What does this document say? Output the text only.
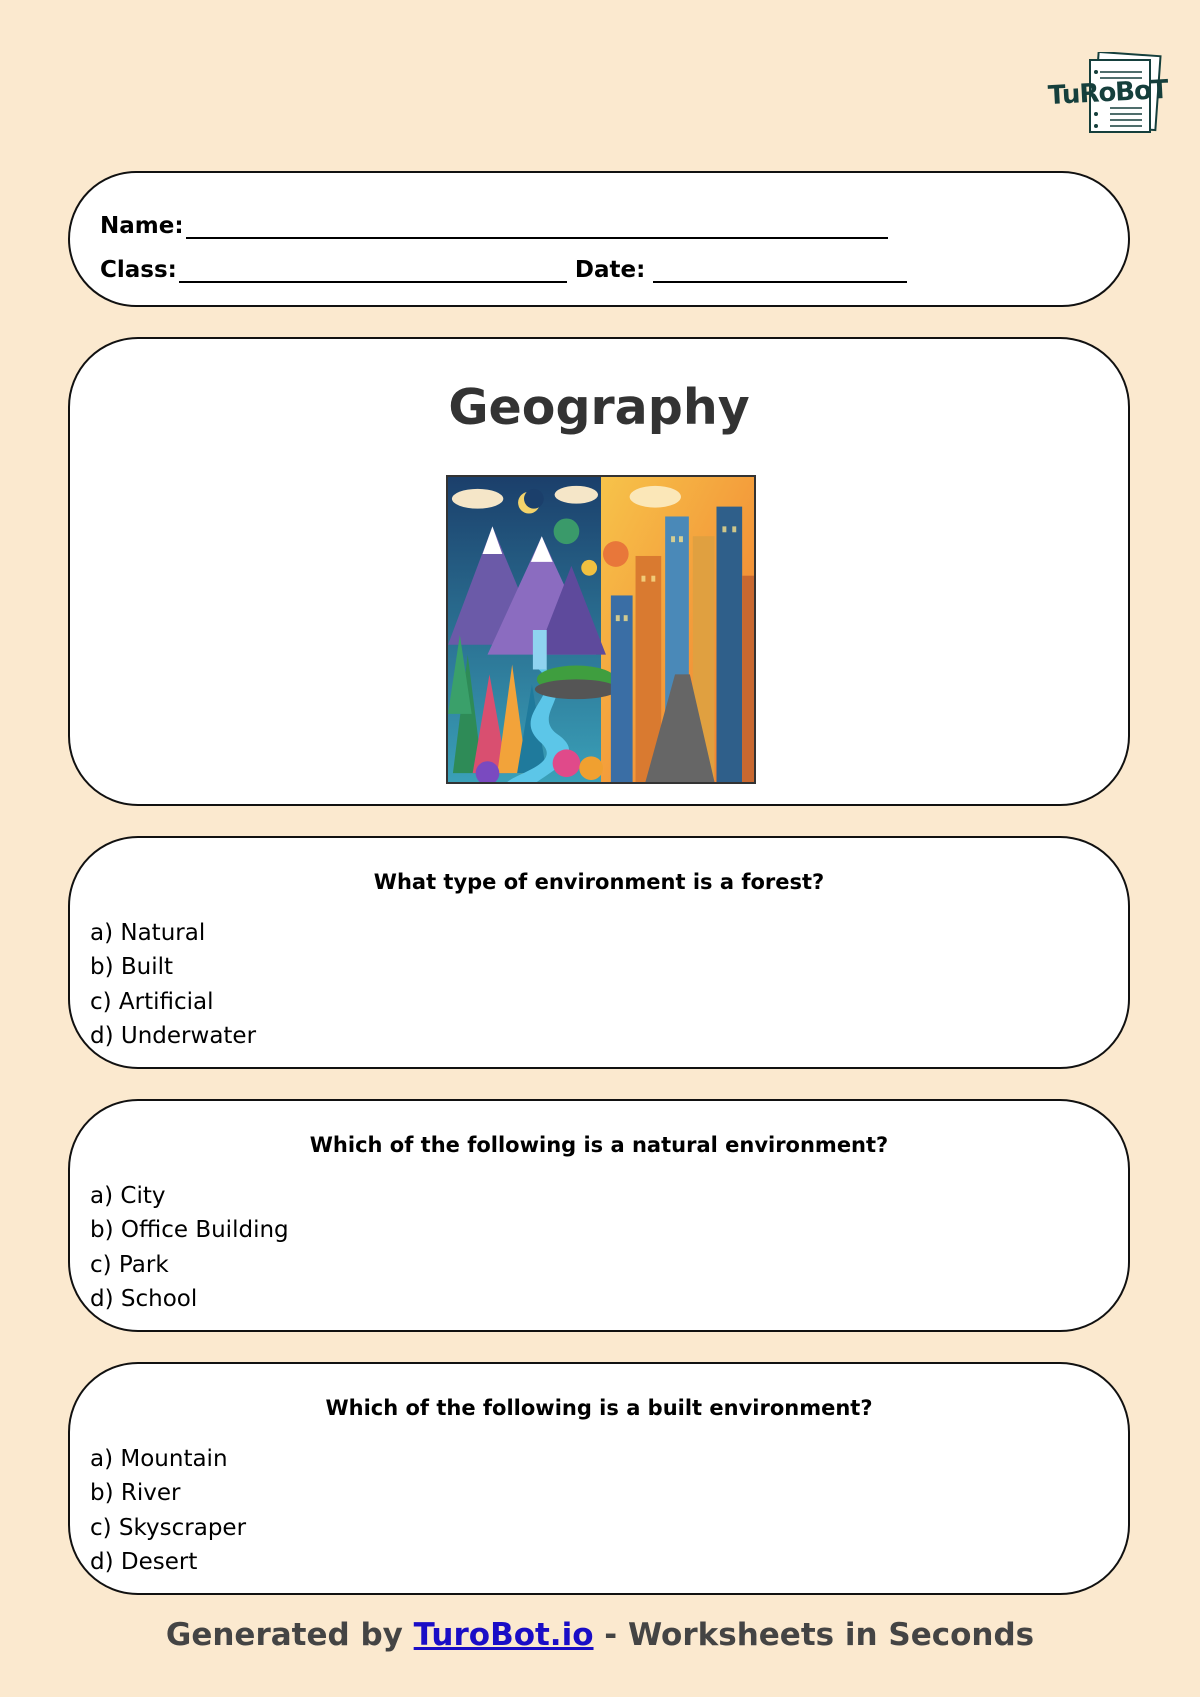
TuRoBoT
Name:
Class:	Date:
Geography
What type of environment is a forest?
a) Natural
b) Built
c) Artificial
d) Underwater
Which of the following is a natural environment?
a) City
b) Office Building
c) Park
d) School
Which of the following is a built environment?
a) Mountain
b) River
c) Skyscraper
d) Desert
Generated by TuroBot.io - Worksheets in Seconds
